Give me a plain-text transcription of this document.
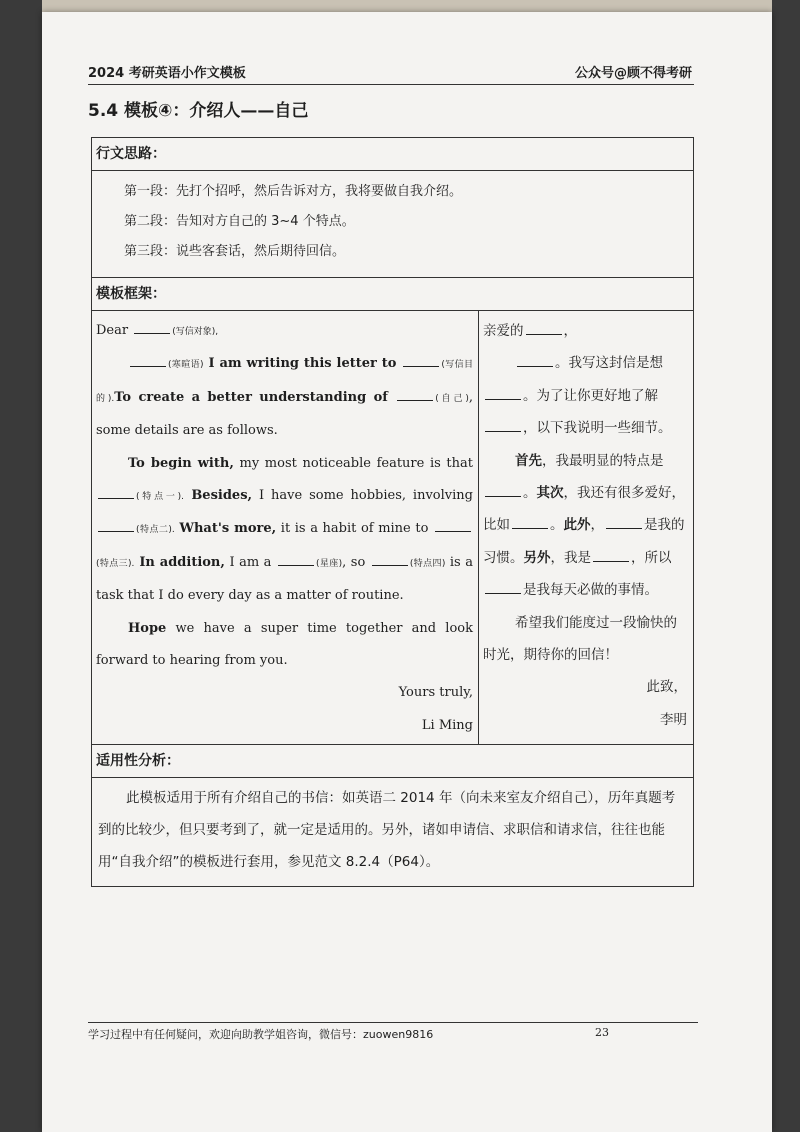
2024 考研英语小作文模板	公众号@顾不得考研
5.4 模板④：介绍人——自己
行文思路：
第一段：先打个招呼，然后告诉对方，我将要做自我介绍。
第二段：告知对方自己的 3~4 个特点。
第三段：说些客套话，然后期待回信。
模板框架：
Dear	(写信对象),
(寒暄语) I am writing this letter to	(写信目的).To create a better understanding of	(自己), some details are as follows.
To begin with, my most noticeable feature is that (特点一). Besides, I have some hobbies, involving (特点二). What's more, it is a habit of mine to (特点三). In addition, I am a	(星座), so	(特点四) is a task that I do every day as a matter of routine.
Hope we have a super time together and look forward to hearing from you.
Yours truly,
Li Ming
亲爱的	，
。我写这封信是想。为了让你更好地了解，以下我说明一些细节。
首先，我最明显的特点是。其次，我还有很多爱好，比如	。此外，	是我的习惯。另外，我是	，所以是我每天必做的事情。
希望我们能度过一段愉快的时光，期待你的回信！
此致，
李明
适用性分析：
此模板适用于所有介绍自己的书信：如英语二 2014 年（向未来室友介绍自己），历年真题考到的比较少，但只要考到了，就一定是适用的。另外，诸如申请信、求职信和请求信，往往也能用“自我介绍”的模板进行套用，参见范文 8.2.4（P64）。
学习过程中有任何疑问，欢迎向助教学姐咨询，微信号：zuowen9816	23
